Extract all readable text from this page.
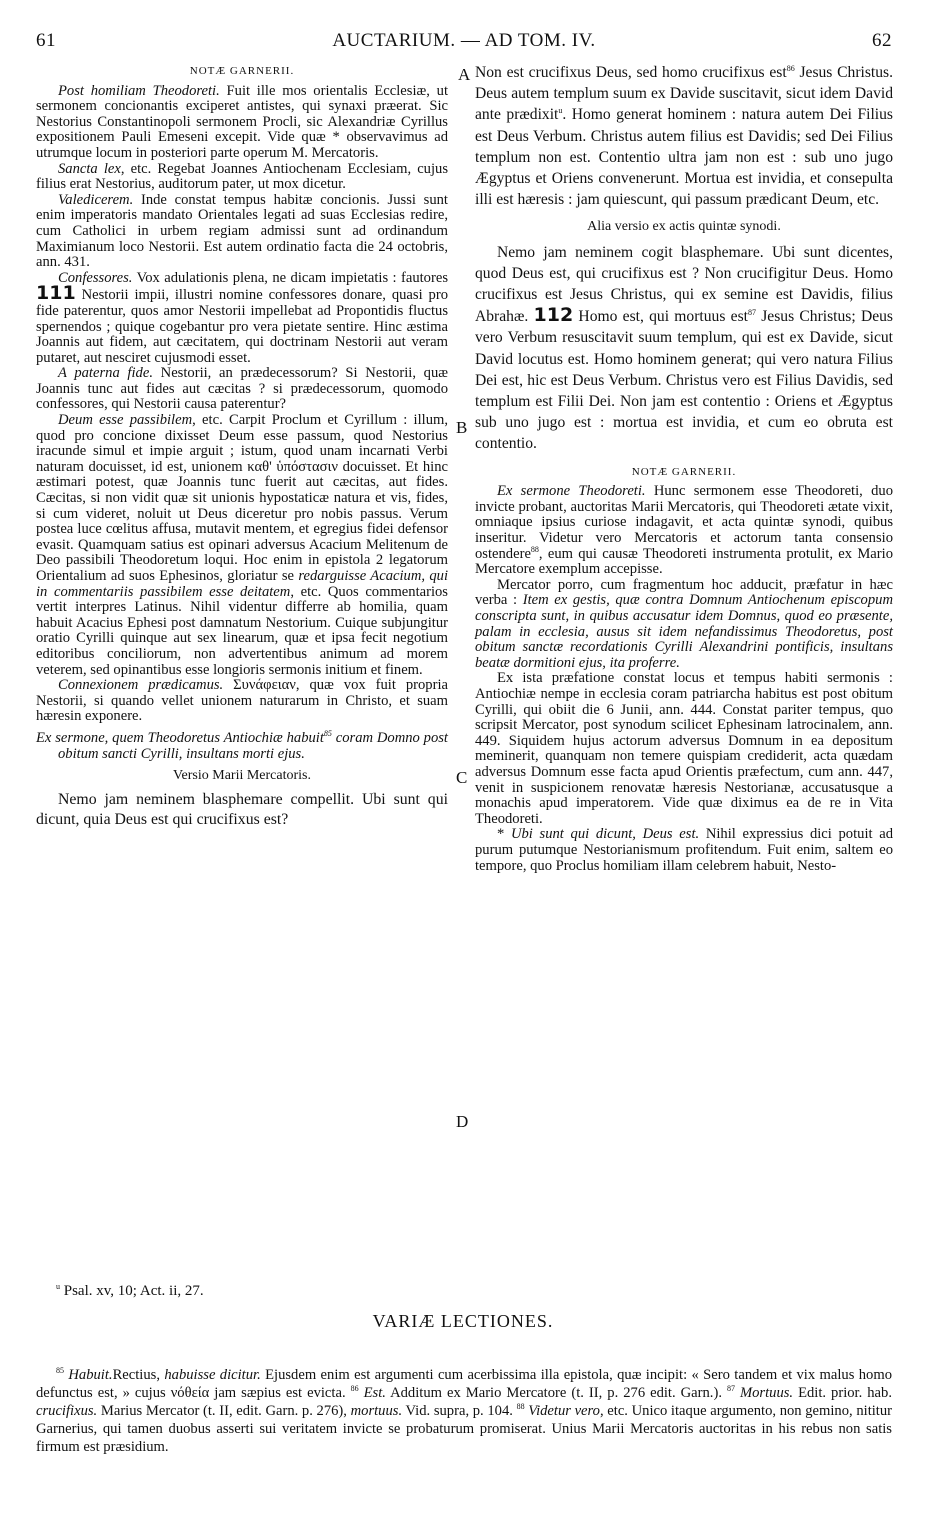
61	AUCTARIUM. — AD TOM. IV.	62
A
B
C
D
NOTÆ GARNERII.

Post homiliam Theodoreti. Fuit ille mos orientalis Ecclesiæ, ut sermonem concionantis exciperet antistes, qui synaxi præerat. Sic Nestorius Constantinopoli sermonem Procli, sic Alexandriæ Cyrillus expositionem Pauli Emeseni excepit. Vide quæ * observavimus ad utrumque locum in posteriori parte operum M. Mercatoris.

Sancta lex, etc. Regebat Joannes Antiochenam Ecclesiam, cujus filius erat Nestorius, auditorum pater, ut mox dicetur.

Valedicerem. Inde constat tempus habitæ concionis. Jussi sunt enim imperatoris mandato Orientales legati ad suas Ecclesias redire, cum Catholici in urbem regiam admissi sunt ad ordinandum Maximianum loco Nestorii. Est autem ordinatio facta die 24 octobris, ann. 431.

Confessores. Vox adulationis plena, ne dicam impietatis : fautores 111 Nestorii impii, illustri nomine confessores donare, quasi pro fide paterentur, quos amor Nestorii impellebat ad Propontidis fluctus spernendos ; quique cogebantur pro vera pietate sentire. Hinc æstima Joannis aut fidem, aut cæcitatem, qui doctrinam Nestorii aut veram putaret, aut nesciret cujusmodi esset.

A paterna fide. Nestorii, an prædecessorum? Si Nestorii, quæ Joannis tunc aut fides aut cæcitas ? si prædecessorum, quomodo confessores, qui Nestorii causa paterentur?

Deum esse passibilem, etc. Carpit Proclum et Cyrillum : illum, quod pro concione dixisset Deum esse passum, quod Nestorius iracunde simul et impie arguit ; istum, quod unam incarnati Verbi naturam docuisset, id est, unionem καθ' ὑπόστασιν docuisset. Et hinc æstimari potest, quæ Joannis tunc fuerit aut cæcitas, aut fides. Cæcitas, si non vidit quæ sit unionis hypostaticæ natura et vis, fides, si cum videret, noluit ut Deus diceretur pro nobis passus. Verum postea luce cœlitus affusa, mutavit mentem, et egregius fidei defensor evasit. Quamquam satius est opinari adversus Acacium Melitenum de Deo passibili Theodoretum loqui. Hoc enim in epistola 2 legatorum Orientalium ad suos Ephesinos, gloriatur se redarguisse Acacium, qui in commentariis passibilem esse deitatem, etc. Quos commentarios vertit interpres Latinus. Nihil videntur differre ab homilia, quam habuit Acacius Ephesi post damnatum Nestorium. Cuique subjungitur oratio Cyrilli quinque aut sex linearum, quæ et ipsa fecit negotium editoribus conciliorum, non advertentibus animum ad morem veterem, sed opinantibus esse longioris sermonis initium et finem.

Connexionem prædicamus. Συνάφειαν, quæ vox fuit propria Nestorii, si quando vellet unionem naturarum in Christo, et suam hæresin exponere.

Ex sermone, quem Theodoretus Antiochiæ habuit$^{85}$ coram Domno post obitum sancti Cyrilli, insultans morti ejus.

Versio Marii Mercatoris.

Nemo jam neminem blasphemare compellit. Ubi sunt qui dicunt, quia Deus est qui crucifixus est?

Non est crucifixus Deus, sed homo crucifixus est$^{86}$ Jesus Christus. Deus autem templum suum ex Davide suscitavit, sicut idem David ante prædixit$^u$. Homo generat hominem : natura autem Dei Filius est Deus Verbum. Christus autem filius est Davidis; sed Dei Filius templum non est. Contentio ultra jam non est : sub uno jugo Ægyptus et Oriens convenerunt. Mortua est invidia, et consepulta illi est hæresis : jam quiescunt, qui passum prædicant Deum, etc.

Alia versio ex actis quintæ synodi.

Nemo jam neminem cogit blasphemare. Ubi sunt dicentes, quod Deus est, qui crucifixus est ? Non crucifigitur Deus. Homo crucifixus est Jesus Christus, qui ex semine est Davidis, filius Abrahæ. 112 Homo est, qui mortuus est$^{87}$ Jesus Christus; Deus vero Verbum resuscitavit suum templum, qui est ex Davide, sicut David locutus est. Homo hominem generat; qui vero natura Filius Dei est, hic est Deus Verbum. Christus vero est Filius Davidis, sed templum est Filii Dei. Non jam est contentio : Oriens et Ægyptus sub uno jugo est : mortua est invidia, et cum eo obruta est contentio.

NOTÆ GARNERII.

Ex sermone Theodoreti. Hunc sermonem esse Theodoreti, duo invicte probant, auctoritas Marii Mercatoris, qui Theodoreti ætate vixit, omniaque ipsius curiose indagavit, et acta quintæ synodi, quibus inseritur. Videtur vero Mercatoris et actorum tanta consensio ostendere$^{88}$, eum qui causæ Theodoreti instrumenta protulit, ex Mario Mercatore exemplum accepisse.

Mercator porro, cum fragmentum hoc adducit, præfatur in hæc verba : Item ex gestis, quæ contra Domnum Antiochenum episcopum conscripta sunt, in quibus accusatur idem Domnus, quod eo præsente, palam in ecclesia, ausus sit idem nefandissimus Theodoretus, post obitum sanctæ recordationis Cyrilli Alexandrini pontificis, insultans beatæ dormitioni ejus, ita proferre.

Ex ista præfatione constat locus et tempus habiti sermonis : Antiochiæ nempe in ecclesia coram patriarcha habitus est post obitum Cyrilli, qui obiit die 6 Junii, ann. 444. Constat pariter tempus, quo scripsit Mercator, post synodum scilicet Ephesinam latrocinalem, ann. 449. Siquidem hujus actorum adversus Domnum in ea depositum meminerit, quanquam non temere quispiam crediderit, acta quædam adversus Domnum esse facta apud Orientis præfectum, cum ann. 447, venit in suspicionem renovatæ hæresis Nestorianæ, accusatusque a monachis apud imperatorem. Vide quæ diximus ea de re in Vita Theodoreti.

* Ubi sunt qui dicunt, Deus est. Nihil expressius dici potuit ad purum putumque Nestorianismum profitendum. Fuit enim, saltem eo tempore, quo Proclus homiliam illam celebrem habuit, Nesto-

$^u$ Psal. xv, 10; Act. ii, 27.
VARIÆ LECTIONES.

$^{85}$ Habuit.Rectius, habuisse dicitur. Ejusdem enim est argumenti cum acerbissima illa epistola, quæ incipit: « Sero tandem et vix malus homo defunctus est, » cujus νόθεία jam sæpius est evicta. $^{86}$ Est. Additum ex Mario Mercatore (t. II, p. 276 edit. Garn.). $^{87}$ Mortuus. Edit. prior. hab. crucifixus. Marius Mercator (t. II, edit. Garn. p. 276), mortuus. Vid. supra, p. 104. $^{88}$ Videtur vero, etc. Unico itaque argumento, non gemino, nititur Garnerius, qui tamen duobus asserti sui veritatem invicte se probaturum promiserat. Unius Marii Mercatoris auctoritas in his rebus non satis firmum est præsidium.
